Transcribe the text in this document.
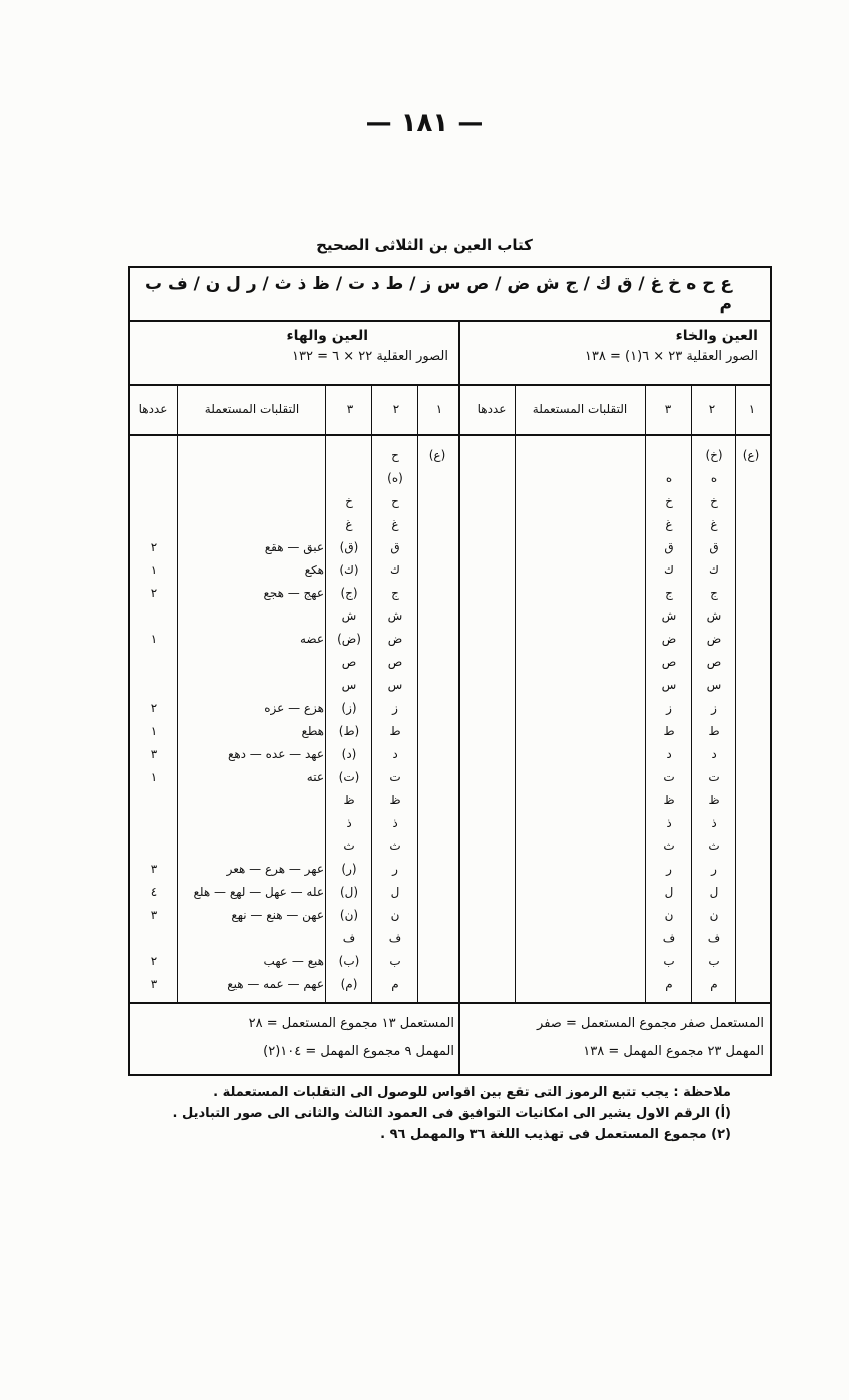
— ١٨١ —
كتاب العين بن الثلاثى الصحيح
ع ح ه خ غ / ق ك / ج ش ض / ص س ز / ط د ت / ظ ذ ث / ر ل ن / ف ب م
العين والخاء
الصور العقلية ٢٣ × ٦(١) = ١٣٨
١
٢
٣
التقلبات المستعملة
عددها
(ع)
(خ)
ه
خ
غ
ق
ك
ج
ش
ض
ص
س
ز
ط
د
ت
ظ
ذ
ث
ر
ل
ن
ف
ب
م
ه
خ
غ
ق
ك
ج
ش
ض
ص
س
ز
ط
د
ت
ظ
ذ
ث
ر
ل
ن
ف
ب
م
المستعمل صفر مجموع المستعمل = صفر
المهمل ٢٣ مجموع المهمل = ١٣٨
العين والهاء
الصور العقلية ٢٢ × ٦ = ١٣٢
١
٢
٣
التقلبات المستعملة
عددها
(ع)
ح
(ه)
ح
غ
ق
ك
ج
ش
ض
ص
س
ز
ط
د
ت
ظ
ذ
ث
ر
ل
ن
ف
ب
م
خ
غ
(ق)
(ك)
(ج)
ش
(ض)
ص
س
(ز)
(ط)
(د)
(ت)
ظ
ذ
ث
(ر)
(ل)
(ن)
ف
(ب)
(م)
عبق — هقع
هكع
عهج — هجع
عضه
هزع — عزه
هطع
عهد — عده — دهع
عته
عهر — هرع — هعر
عله — عهل — لهع — هلع
عهن — هنع — نهع
هبع — عهب
عهم — عمه — هيع
٢
١
٢
١
٢
١
٣
١
٣
٤
٣
٢
٣
المستعمل ١٣ مجموع المستعمل = ٢٨
المهمل ٩ مجموع المهمل = ١٠٤(٢)
ملاحظة : يجب تتبع الرموز التى تقع بين اقواس للوصول الى التقلبات المستعملة .
(أ) الرقم الاول يشير الى امكانيات التوافيق فى العمود الثالث والثانى الى صور التباديل .
(٢) مجموع المستعمل فى تهذيب اللغة ٣٦ والمهمل ٩٦ .
